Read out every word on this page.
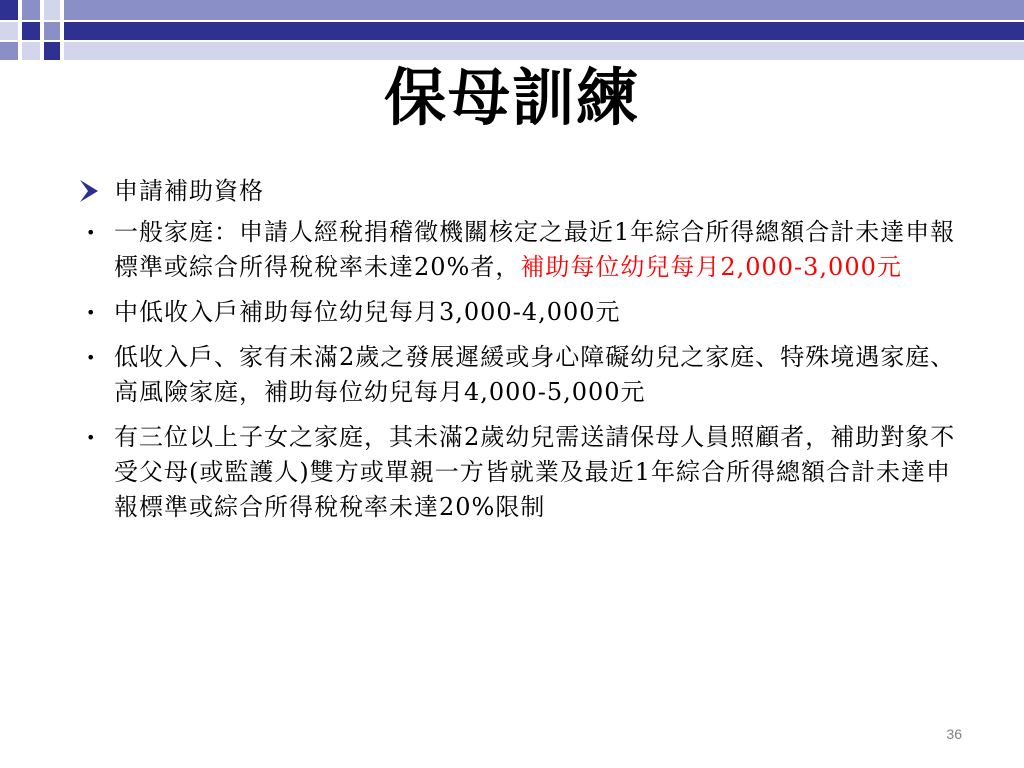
保母訓練
申請補助資格
• 一般家庭：申請人經稅捐稽徵機關核定之最近1年綜合所得總額合計未達申報標準或綜合所得稅稅率未達20%者，補助每位幼兒每月2,000-3,000元
• 中低收入戶補助每位幼兒每月3,000-4,000元
• 低收入戶、家有未滿2歲之發展遲緩或身心障礙幼兒之家庭、特殊境遇家庭、高風險家庭，補助每位幼兒每月4,000-5,000元
• 有三位以上子女之家庭，其未滿2歲幼兒需送請保母人員照顧者，補助對象不受父母(或監護人)雙方或單親一方皆就業及最近1年綜合所得總額合計未達申報標準或綜合所得稅稅率未達20%限制
36
